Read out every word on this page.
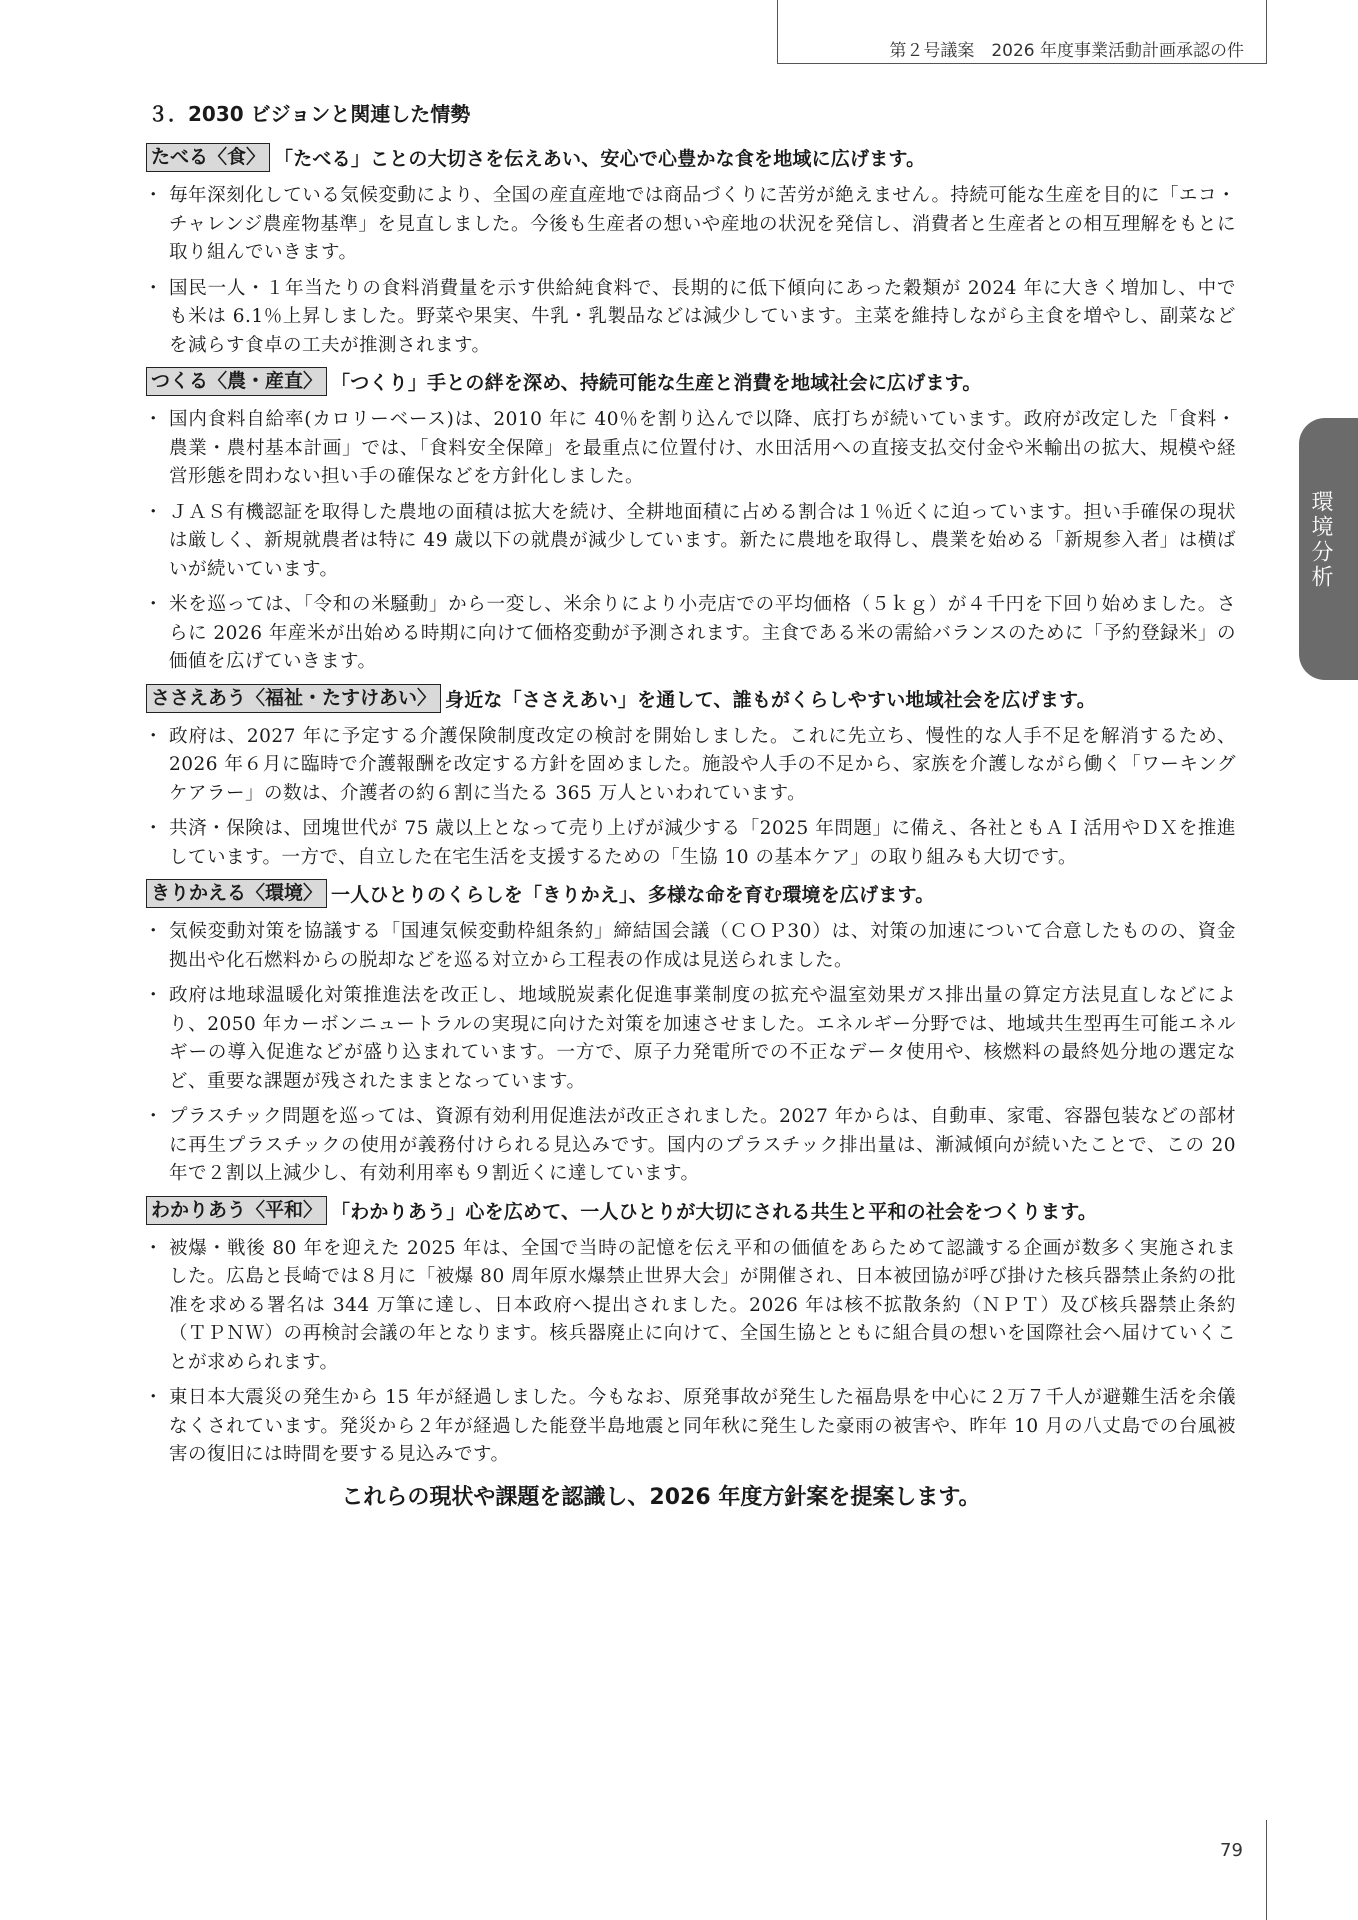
第２号議案　2026 年度事業活動計画承認の件
環境分析
３．2030 ビジョンと関連した情勢
たべる〈食〉 「たべる」ことの大切さを伝えあい、安心で心豊かな食を地域に広げます。
・ 毎年深刻化している気候変動により、全国の産直産地では商品づくりに苦労が絶えません。持続可能な生産を目的に「エコ・チャレンジ農産物基準」を見直しました。今後も生産者の想いや産地の状況を発信し、消費者と生産者との相互理解をもとに取り組んでいきます。
・ 国民一人・１年当たりの食料消費量を示す供給純食料で、長期的に低下傾向にあった穀類が 2024 年に大きく増加し、中でも米は 6.1％上昇しました。野菜や果実、牛乳・乳製品などは減少しています。主菜を維持しながら主食を増やし、副菜などを減らす食卓の工夫が推測されます。
つくる〈農・産直〉 「つくり」手との絆を深め、持続可能な生産と消費を地域社会に広げます。
・ 国内食料自給率(カロリーベース)は、2010 年に 40％を割り込んで以降、底打ちが続いています。政府が改定した「食料・農業・農村基本計画」では、「食料安全保障」を最重点に位置付け、水田活用への直接支払交付金や米輸出の拡大、規模や経営形態を問わない担い手の確保などを方針化しました。
・ ＪＡＳ有機認証を取得した農地の面積は拡大を続け、全耕地面積に占める割合は１％近くに迫っています。担い手確保の現状は厳しく、新規就農者は特に 49 歳以下の就農が減少しています。新たに農地を取得し、農業を始める「新規参入者」は横ばいが続いています。
・ 米を巡っては、「令和の米騒動」から一変し、米余りにより小売店での平均価格（５ｋｇ）が４千円を下回り始めました。さらに 2026 年産米が出始める時期に向けて価格変動が予測されます。主食である米の需給バランスのために「予約登録米」の価値を広げていきます。
ささえあう〈福祉・たすけあい〉 身近な「ささえあい」を通して、誰もがくらしやすい地域社会を広げます。
・ 政府は、2027 年に予定する介護保険制度改定の検討を開始しました。これに先立ち、慢性的な人手不足を解消するため、2026 年６月に臨時で介護報酬を改定する方針を固めました。施設や人手の不足から、家族を介護しながら働く「ワーキングケアラー」の数は、介護者の約６割に当たる 365 万人といわれています。
・ 共済・保険は、団塊世代が 75 歳以上となって売り上げが減少する「2025 年問題」に備え、各社ともＡＩ活用やＤＸを推進しています。一方で、自立した在宅生活を支援するための「生協 10 の基本ケア」の取り組みも大切です。
きりかえる〈環境〉 一人ひとりのくらしを「きりかえ」、多様な命を育む環境を広げます。
・ 気候変動対策を協議する「国連気候変動枠組条約」締結国会議（ＣＯＰ30）は、対策の加速について合意したものの、資金拠出や化石燃料からの脱却などを巡る対立から工程表の作成は見送られました。
・ 政府は地球温暖化対策推進法を改正し、地域脱炭素化促進事業制度の拡充や温室効果ガス排出量の算定方法見直しなどにより、2050 年カーボンニュートラルの実現に向けた対策を加速させました。エネルギー分野では、地域共生型再生可能エネルギーの導入促進などが盛り込まれています。一方で、原子力発電所での不正なデータ使用や、核燃料の最終処分地の選定など、重要な課題が残されたままとなっています。
・ プラスチック問題を巡っては、資源有効利用促進法が改正されました。2027 年からは、自動車、家電、容器包装などの部材に再生プラスチックの使用が義務付けられる見込みです。国内のプラスチック排出量は、漸減傾向が続いたことで、この 20 年で２割以上減少し、有効利用率も９割近くに達しています。
わかりあう〈平和〉 「わかりあう」心を広めて、一人ひとりが大切にされる共生と平和の社会をつくります。
・ 被爆・戦後 80 年を迎えた 2025 年は、全国で当時の記憶を伝え平和の価値をあらためて認識する企画が数多く実施されました。広島と長崎では８月に「被爆 80 周年原水爆禁止世界大会」が開催され、日本被団協が呼び掛けた核兵器禁止条約の批准を求める署名は 344 万筆に達し、日本政府へ提出されました。2026 年は核不拡散条約（ＮＰＴ）及び核兵器禁止条約（ＴＰＮＷ）の再検討会議の年となります。核兵器廃止に向けて、全国生協とともに組合員の想いを国際社会へ届けていくことが求められます。
・ 東日本大震災の発生から 15 年が経過しました。今もなお、原発事故が発生した福島県を中心に２万７千人が避難生活を余儀なくされています。発災から２年が経過した能登半島地震と同年秋に発生した豪雨の被害や、昨年 10 月の八丈島での台風被害の復旧には時間を要する見込みです。
これらの現状や課題を認識し、2026 年度方針案を提案します。
79
